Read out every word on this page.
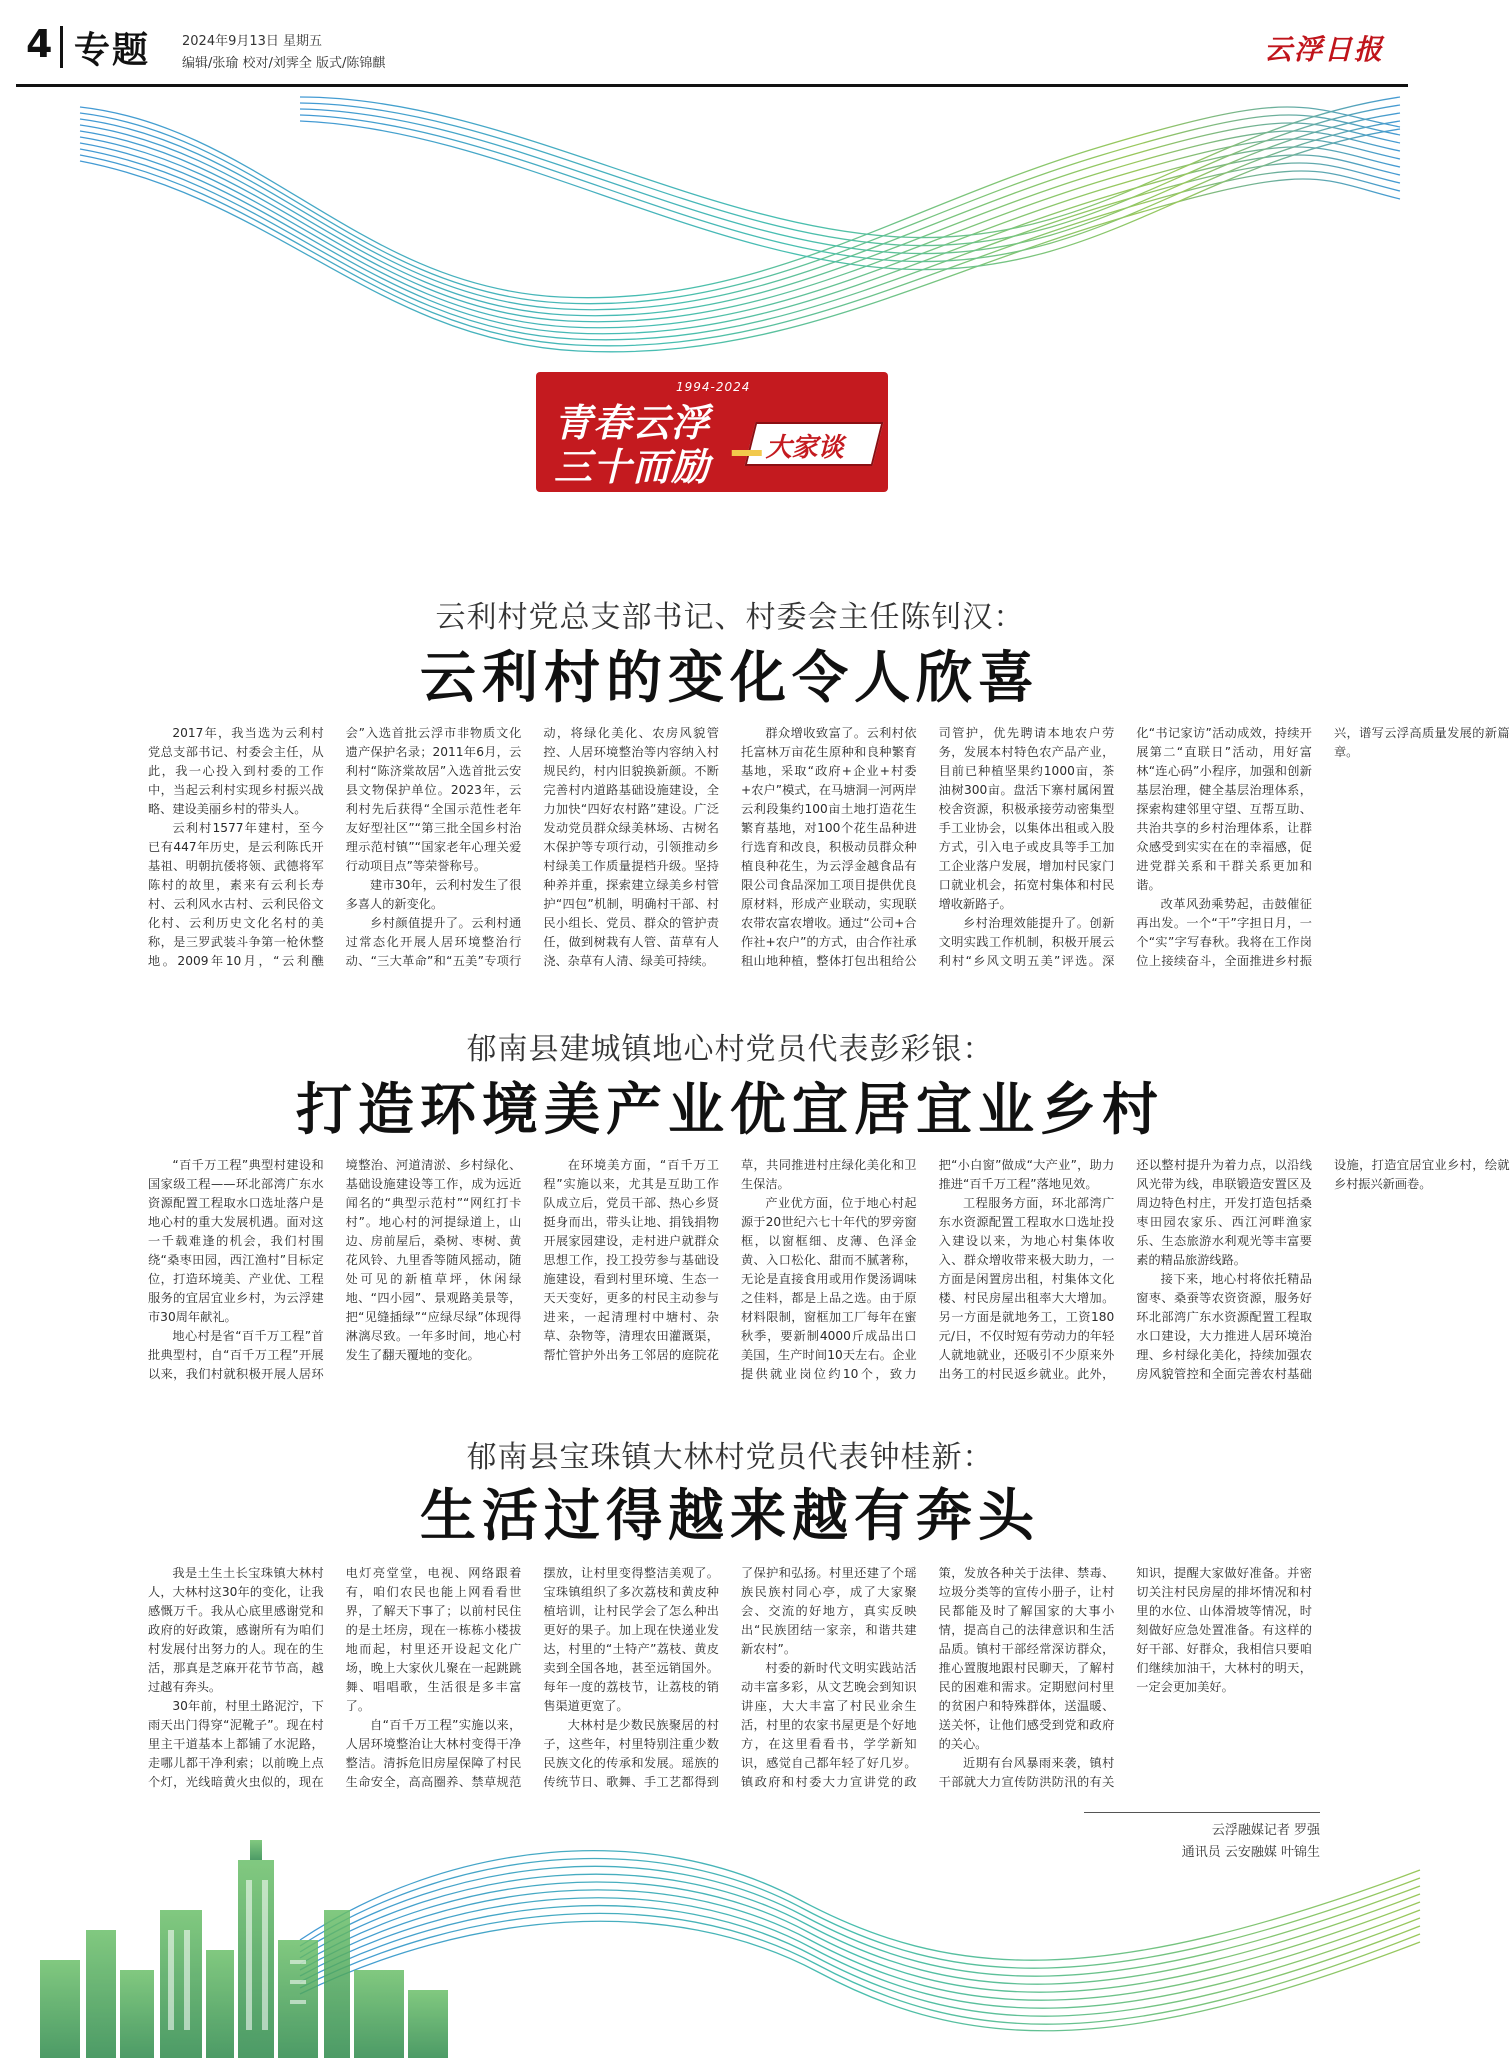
4 专题 2024年9月13日 星期五
编辑/张瑜 校对/刘霁全 版式/陈锦麒	云浮日报
1994-2024
青春云浮
三十而励 大家谈
云利村党总支部书记、村委会主任陈钊汉：
云利村的变化令人欣喜

2017年，我当选为云利村党总支部书记、村委会主任，从此，我一心投入到村委的工作中，当起云利村实现乡村振兴战略、建设美丽乡村的带头人。

云利村1577年建村，至今已有447年历史，是云利陈氏开基祖、明朝抗倭将领、武德将军陈村的故里，素来有云利长寿村、云利风水古村、云利民俗文化村、云利历史文化名村的美称，是三罗武装斗争第一枪休整地。2009年10月，“云利醮会”入选首批云浮市非物质文化遗产保护名录；2011年6月，云利村“陈济棠故居”入选首批云安县文物保护单位。2023年，云利村先后获得“全国示范性老年友好型社区”“第三批全国乡村治理示范村镇”“国家老年心理关爱行动项目点”等荣誉称号。

建市30年，云利村发生了很多喜人的新变化。

乡村颜值提升了。云利村通过常态化开展人居环境整治行动、“三大革命”和“五美”专项行动，将绿化美化、农房风貌管控、人居环境整治等内容纳入村规民约，村内旧貌换新颜。不断完善村内道路基础设施建设，全力加快“四好农村路”建设。广泛发动党员群众绿美林场、古树名木保护等专项行动，引领推动乡村绿美工作质量提档升级。坚持种养并重，探索建立绿美乡村管护“四包”机制，明确村干部、村民小组长、党员、群众的管护责任，做到树栽有人管、苗草有人浇、杂草有人清、绿美可持续。

群众增收致富了。云利村依托富林万亩花生原种和良种繁育基地，采取“政府+企业+村委+农户”模式，在马塘洞一河两岸云利段集约100亩土地打造花生繁育基地，对100个花生品种进行选育和改良，积极动员群众种植良种花生，为云浮金越食品有限公司食品深加工项目提供优良原材料，形成产业联动，实现联农带农富农增收。通过“公司+合作社+农户”的方式，由合作社承租山地种植，整体打包出租给公司管护，优先聘请本地农户劳务，发展本村特色农产品产业，目前已种植坚果约1000亩，茶油树300亩。盘活下寨村属闲置校舍资源，积极承接劳动密集型手工业协会，以集体出租或入股方式，引入电子或皮具等手工加工企业落户发展，增加村民家门口就业机会，拓宽村集体和村民增收新路子。

乡村治理效能提升了。创新文明实践工作机制，积极开展云利村“乡风文明五美”评选。深化“书记家访”活动成效，持续开展第二“直联日”活动，用好富林“连心码”小程序，加强和创新基层治理，健全基层治理体系，探索构建邻里守望、互帮互助、共治共享的乡村治理体系，让群众感受到实实在在的幸福感，促进党群关系和干群关系更加和谐。

改革风劲乘势起，击鼓催征再出发。一个“干”字担日月，一个“实”字写春秋。我将在工作岗位上接续奋斗，全面推进乡村振兴，谱写云浮高质量发展的新篇章。

郁南县建城镇地心村党员代表彭彩银：
打造环境美产业优宜居宜业乡村

“百千万工程”典型村建设和国家级工程——环北部湾广东水资源配置工程取水口选址落户是地心村的重大发展机遇。面对这一千载难逢的机会，我们村围绕“桑枣田园，西江渔村”目标定位，打造环境美、产业优、工程服务的宜居宜业乡村，为云浮建市30周年献礼。

地心村是省“百千万工程”首批典型村，自“百千万工程”开展以来，我们村就积极开展人居环境整治、河道清淤、乡村绿化、基础设施建设等工作，成为远近闻名的“典型示范村”“网红打卡村”。地心村的河提绿道上，山边、房前屋后，桑树、枣树、黄花风铃、九里香等随风摇动，随处可见的新植草坪，休闲绿地、“四小园”、景观路美景等，把“见缝插绿”“应绿尽绿”体现得淋漓尽致。一年多时间，地心村发生了翻天覆地的变化。

在环境美方面，“百千万工程”实施以来，尤其是互助工作队成立后，党员干部、热心乡贤挺身而出，带头让地、捐钱捐物开展家园建设，走村进户就群众思想工作，投工投劳参与基础设施建设，看到村里环境、生态一天天变好，更多的村民主动参与进来，一起清理村中塘村、杂草、杂物等，清理农田灌溉渠，帮忙管护外出务工邻居的庭院花草，共同推进村庄绿化美化和卫生保洁。

产业优方面，位于地心村起源于20世纪六七十年代的罗旁窗框，以窗框细、皮薄、色泽金黄、入口松化、甜而不腻著称，无论是直接食用或用作煲汤调味之佳料，都是上品之选。由于原材料限制，窗框加工厂每年在蜜秋季，要新制4000斤成品出口美国，生产时间10天左右。企业提供就业岗位约10个，致力把“小白窗”做成“大产业”，助力推进“百千万工程”落地见效。

工程服务方面，环北部湾广东水资源配置工程取水口选址投入建设以来，为地心村集体收入、群众增收带来极大助力，一方面是闲置房出租，村集体文化楼、村民房屋出租率大大增加。另一方面是就地务工，工资180元/日，不仅时短有劳动力的年轻人就地就业，还吸引不少原来外出务工的村民返乡就业。此外，还以整村提升为着力点，以沿线风光带为线，串联锻造安置区及周边特色村庄，开发打造包括桑枣田园农家乐、西江河畔渔家乐、生态旅游水利观光等丰富要素的精品旅游线路。

接下来，地心村将依托精品窗枣、桑蚕等农资资源，服务好环北部湾广东水资源配置工程取水口建设，大力推进人居环境治理、乡村绿化美化，持续加强农房风貌管控和全面完善农村基础设施，打造宜居宜业乡村，绘就乡村振兴新画卷。

郁南县宝珠镇大林村党员代表钟桂新：
生活过得越来越有奔头

我是土生土长宝珠镇大林村人，大林村这30年的变化，让我感慨万千。我从心底里感谢党和政府的好政策，感谢所有为咱们村发展付出努力的人。现在的生活，那真是芝麻开花节节高，越过越有奔头。

30年前，村里土路泥泞，下雨天出门得穿“泥靴子”。现在村里主干道基本上都铺了水泥路，走哪儿都干净利索；以前晚上点个灯，光线暗黄火虫似的，现在电灯亮堂堂，电视、网络跟着有，咱们农民也能上网看看世界，了解天下事了；以前村民住的是土坯房，现在一栋栋小楼拔地而起，村里还开设起文化广场，晚上大家伙儿聚在一起跳跳舞、唱唱歌，生活很是多丰富了。

自“百千万工程”实施以来，人居环境整治让大林村变得干净整洁。清拆危旧房屋保障了村民生命安全，高高圈养、禁草规范摆放，让村里变得整洁美观了。宝珠镇组织了多次荔枝和黄皮种植培训，让村民学会了怎么种出更好的果子。加上现在快递业发达，村里的“土特产”荔枝、黄皮卖到全国各地，甚至远销国外。每年一度的荔枝节，让荔枝的销售渠道更宽了。

大林村是少数民族聚居的村子，这些年，村里特别注重少数民族文化的传承和发展。瑶族的传统节日、歌舞、手工艺都得到了保护和弘扬。村里还建了个瑶族民族村同心亭，成了大家聚会、交流的好地方，真实反映出“民族团结一家亲，和谐共建新农村”。

村委的新时代文明实践站活动丰富多彩，从文艺晚会到知识讲座，大大丰富了村民业余生活，村里的农家书屋更是个好地方，在这里看看书，学学新知识，感觉自己都年轻了好几岁。镇政府和村委大力宣讲党的政策，发放各种关于法律、禁毒、垃圾分类等的宣传小册子，让村民都能及时了解国家的大事小情，提高自己的法律意识和生活品质。镇村干部经常深访群众，推心置腹地跟村民聊天，了解村民的困难和需求。定期慰问村里的贫困户和特殊群体，送温暖、送关怀，让他们感受到党和政府的关心。

近期有台风暴雨来袭，镇村干部就大力宣传防洪防汛的有关知识，提醒大家做好准备。并密切关注村民房屋的排坏情况和村里的水位、山体滑坡等情况，时刻做好应急处置准备。有这样的好干部、好群众，我相信只要咱们继续加油干，大林村的明天，一定会更加美好。

云浮融媒记者 罗强
通讯员 云安融媒 叶锦生
